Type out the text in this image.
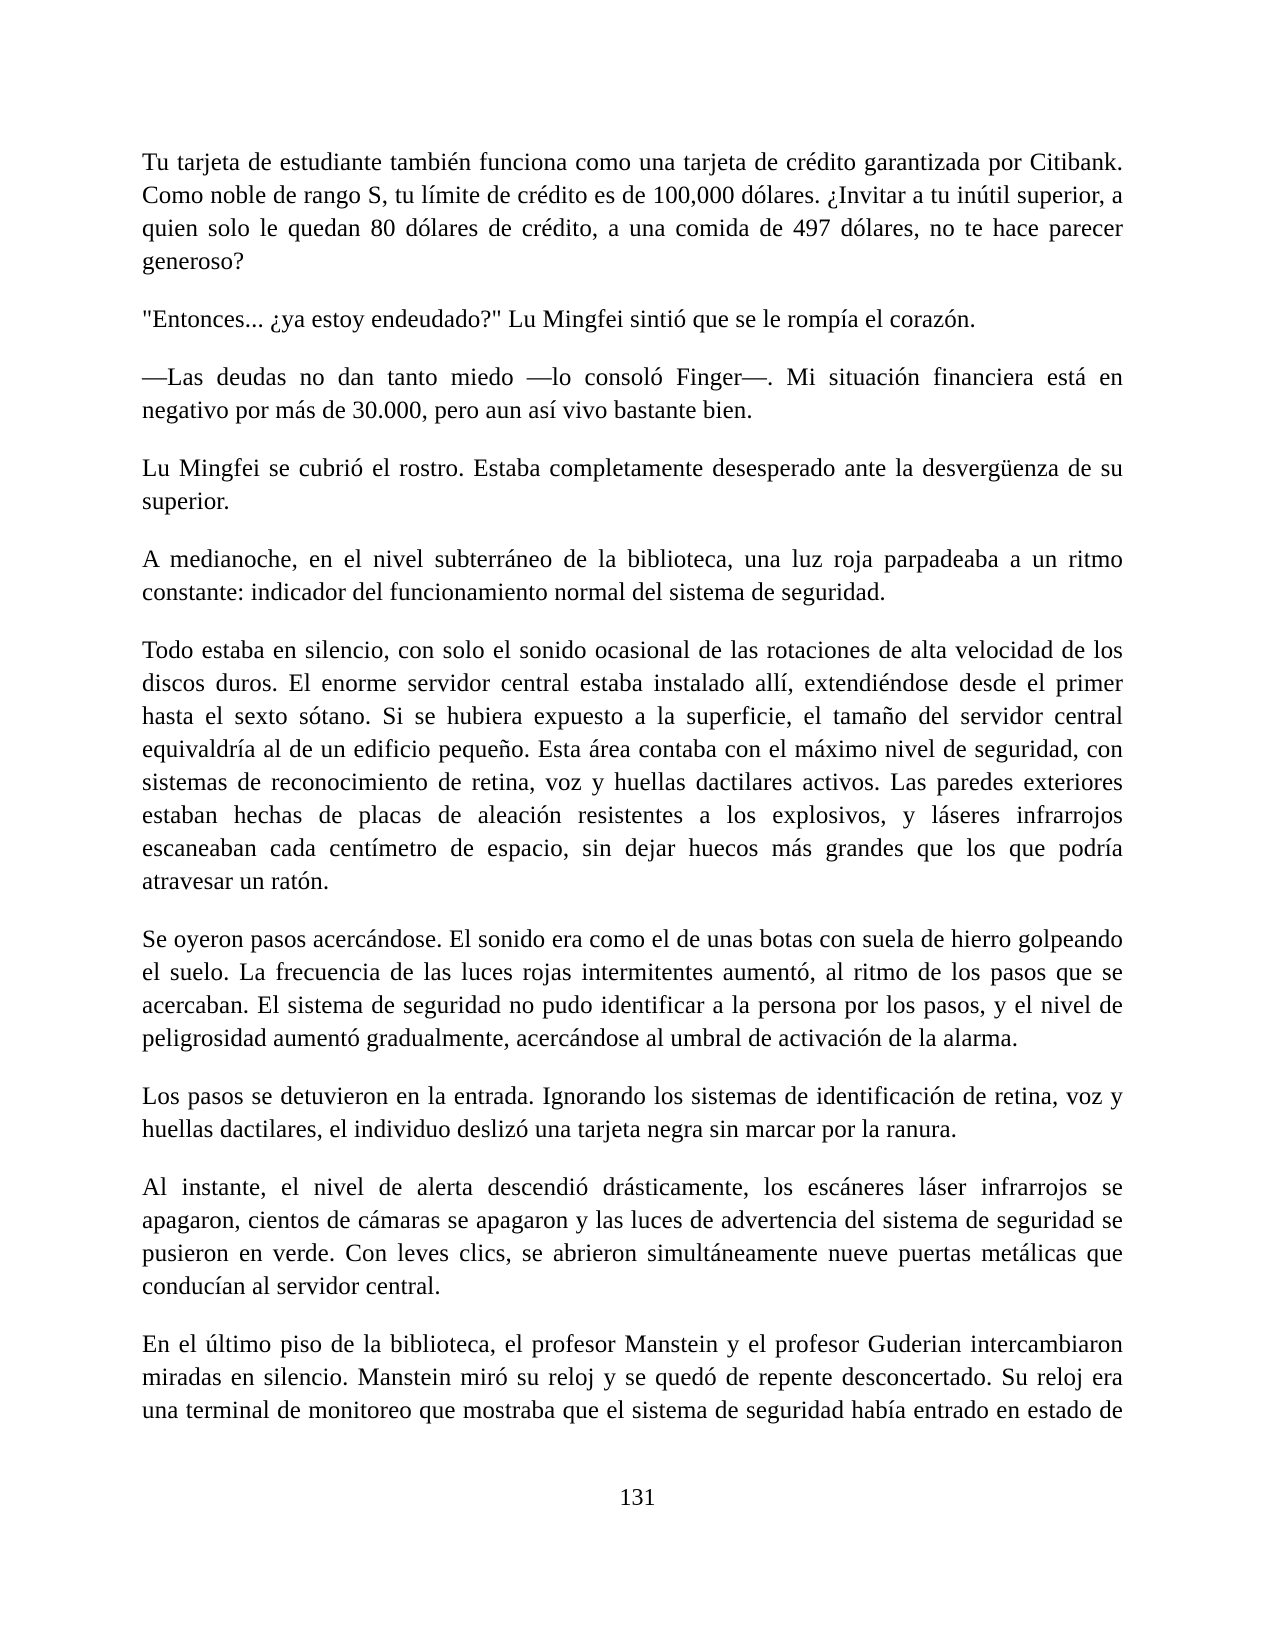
Tu tarjeta de estudiante también funciona como una tarjeta de crédito garantizada por Citibank. Como noble de rango S, tu límite de crédito es de 100,000 dólares. ¿Invitar a tu inútil superior, a quien solo le quedan 80 dólares de crédito, a una comida de 497 dólares, no te hace parecer generoso?

"Entonces... ¿ya estoy endeudado?" Lu Mingfei sintió que se le rompía el corazón.

—Las deudas no dan tanto miedo —lo consoló Finger—. Mi situación financiera está en negativo por más de 30.000, pero aun así vivo bastante bien.

Lu Mingfei se cubrió el rostro. Estaba completamente desesperado ante la desvergüenza de su superior.

A medianoche, en el nivel subterráneo de la biblioteca, una luz roja parpadeaba a un ritmo constante: indicador del funcionamiento normal del sistema de seguridad.

Todo estaba en silencio, con solo el sonido ocasional de las rotaciones de alta velocidad de los discos duros. El enorme servidor central estaba instalado allí, extendiéndose desde el primer hasta el sexto sótano. Si se hubiera expuesto a la superficie, el tamaño del servidor central equivaldría al de un edificio pequeño. Esta área contaba con el máximo nivel de seguridad, con sistemas de reconocimiento de retina, voz y huellas dactilares activos. Las paredes exteriores estaban hechas de placas de aleación resistentes a los explosivos, y láseres infrarrojos escaneaban cada centímetro de espacio, sin dejar huecos más grandes que los que podría atravesar un ratón.

Se oyeron pasos acercándose. El sonido era como el de unas botas con suela de hierro golpeando el suelo. La frecuencia de las luces rojas intermitentes aumentó, al ritmo de los pasos que se acercaban. El sistema de seguridad no pudo identificar a la persona por los pasos, y el nivel de peligrosidad aumentó gradualmente, acercándose al umbral de activación de la alarma.

Los pasos se detuvieron en la entrada. Ignorando los sistemas de identificación de retina, voz y huellas dactilares, el individuo deslizó una tarjeta negra sin marcar por la ranura.

Al instante, el nivel de alerta descendió drásticamente, los escáneres láser infrarrojos se apagaron, cientos de cámaras se apagaron y las luces de advertencia del sistema de seguridad se pusieron en verde. Con leves clics, se abrieron simultáneamente nueve puertas metálicas que conducían al servidor central.

En el último piso de la biblioteca, el profesor Manstein y el profesor Guderian intercambiaron miradas en silencio. Manstein miró su reloj y se quedó de repente desconcertado. Su reloj era una terminal de monitoreo que mostraba que el sistema de seguridad había entrado en estado de

131
